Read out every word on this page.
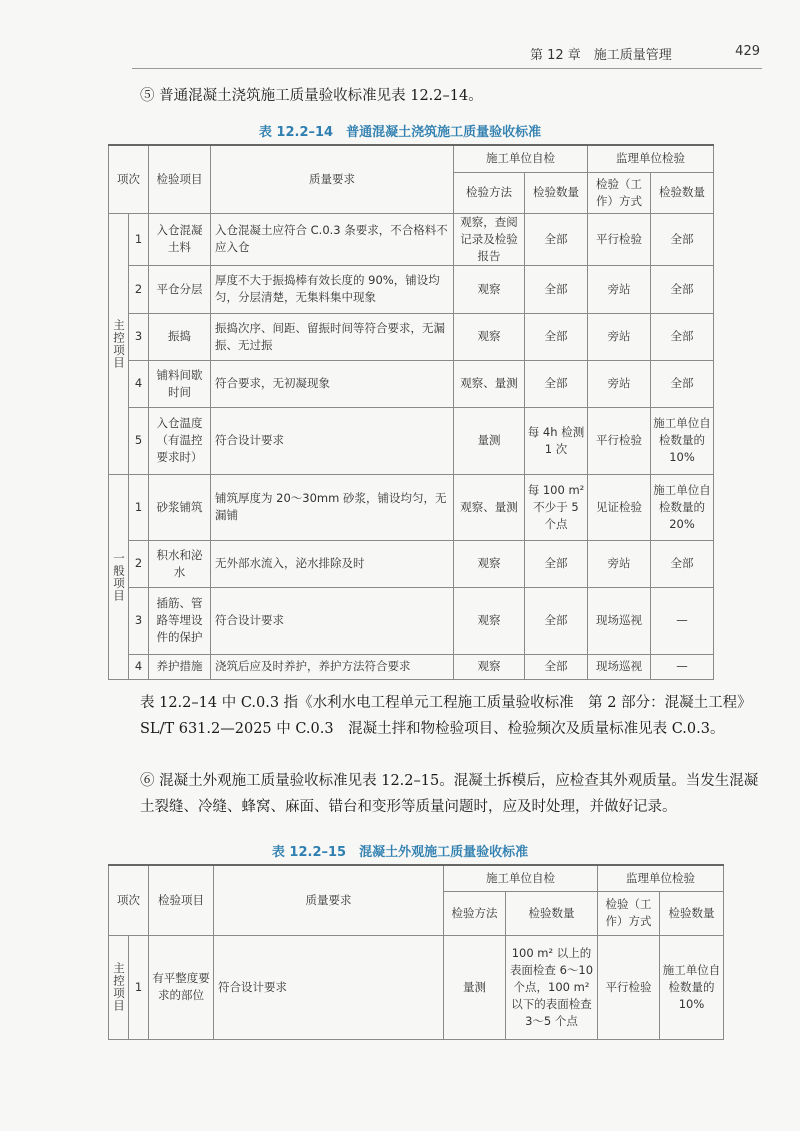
第 12 章　施工质量管理	429

⑤ 普通混凝土浇筑施工质量验收标准见表 12.2–14。

表 12.2–14　普通混凝土浇筑施工质量验收标准
项次		检验项目	质量要求	施工单位自检		监理单位检验	
				检验方法	检验数量	检验（工作）方式	检验数量
主控项目	1	入仓混凝土料	入仓混凝土应符合 C.0.3 条要求，不合格料不应入仓	观察，查阅记录及检验报告	全部	平行检验	全部
	2	平仓分层	厚度不大于振捣棒有效长度的 90%，铺设均匀，分层清楚，无集料集中现象	观察	全部	旁站	全部
	3	振捣	振捣次序、间距、留振时间等符合要求，无漏振、无过振	观察	全部	旁站	全部
	4	铺料间歇时间	符合要求，无初凝现象	观察、量测	全部	旁站	全部
	5	入仓温度（有温控要求时）	符合设计要求	量测	每 4h 检测 1 次	平行检验	施工单位自检数量的 10%
一般项目	1	砂浆铺筑	铺筑厚度为 20～30mm 砂浆，铺设均匀，无漏铺	观察、量测	每 100 m² 不少于 5 个点	见证检验	施工单位自检数量的 20%
	2	积水和泌水	无外部水流入，泌水排除及时	观察	全部	旁站	全部
	3	插筋、管路等埋设件的保护	符合设计要求	观察	全部	现场巡视	—
	4	养护措施	浇筑后应及时养护，养护方法符合要求	观察	全部	现场巡视	—

表 12.2–14 中 C.0.3 指《水利水电工程单元工程施工质量验收标准　第 2 部分：混凝土工程》SL/T 631.2—2025 中 C.0.3　混凝土拌和物检验项目、检验频次及质量标准见表 C.0.3。

⑥ 混凝土外观施工质量验收标准见表 12.2–15。混凝土拆模后，应检查其外观质量。当发生混凝土裂缝、冷缝、蜂窝、麻面、错台和变形等质量问题时，应及时处理，并做好记录。

表 12.2–15　混凝土外观施工质量验收标准
项次		检验项目	质量要求	施工单位自检		监理单位检验	
				检验方法	检验数量	检验（工作）方式	检验数量
主控项目	1	有平整度要求的部位	符合设计要求	量测	100 m² 以上的表面检查 6～10 个点，100 m² 以下的表面检查 3～5 个点	平行检验	施工单位自检数量的 10%
